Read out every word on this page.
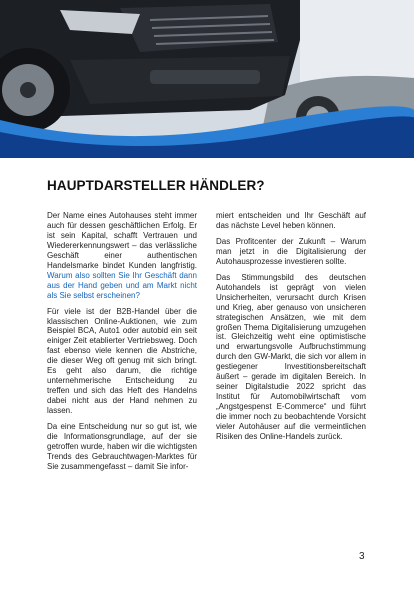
HAUPTDARSTELLER HÄNDLER?

Der Name eines Autohauses steht immer auch für dessen geschäftlichen Erfolg. Er ist sein Kapital, schafft Vertrauen und Wiedererkennungswert – das verlässliche Geschäft einer authentischen Handelsmarke bindet Kunden langfristig. Warum also sollten Sie Ihr Geschäft dann aus der Hand geben und am Markt nicht als Sie selbst erscheinen?

Für viele ist der B2B-Handel über die klassischen Online-Auktionen, wie zum Beispiel BCA, Auto1 oder autobid ein seit einiger Zeit etablierter Vertriebsweg. Doch fast ebenso viele kennen die Abstriche, die dieser Weg oft genug mit sich bringt. Es geht also darum, die richtige unternehmerische Entscheidung zu treffen und sich das Heft des Handelns dabei nicht aus der Hand nehmen zu lassen.

Da eine Entscheidung nur so gut ist, wie die Informationsgrundlage, auf der sie getroffen wurde, haben wir die wichtigsten Trends des Gebrauchtwagen-Marktes für Sie zusammengefasst – damit Sie infor-

miert entscheiden und Ihr Geschäft auf das nächste Level heben können.

Das Profitcenter der Zukunft – Warum man jetzt in die Digitalisierung der Autohausprozesse investieren sollte.

Das Stimmungsbild des deutschen Autohandels ist geprägt von vielen Unsicherheiten, verursacht durch Krisen und Krieg, aber genauso von unsicheren strategischen Ansätzen, wie mit dem großen Thema Digitalisierung umzugehen ist. Gleichzeitig weht eine optimistische und erwartungsvolle Aufbruchstimmung durch den GW-Markt, die sich vor allem in gestiegener Investitionsbereitschaft äußert – gerade im digitalen Bereich. In seiner Digitalstudie 2022 spricht das Institut für Automobilwirtschaft vom „Angstgespenst E-Commerce“ und führt die immer noch zu beobachtende Vorsicht vieler Autohäuser auf die vermeintlichen Risiken des Online-Handels zurück.

3
